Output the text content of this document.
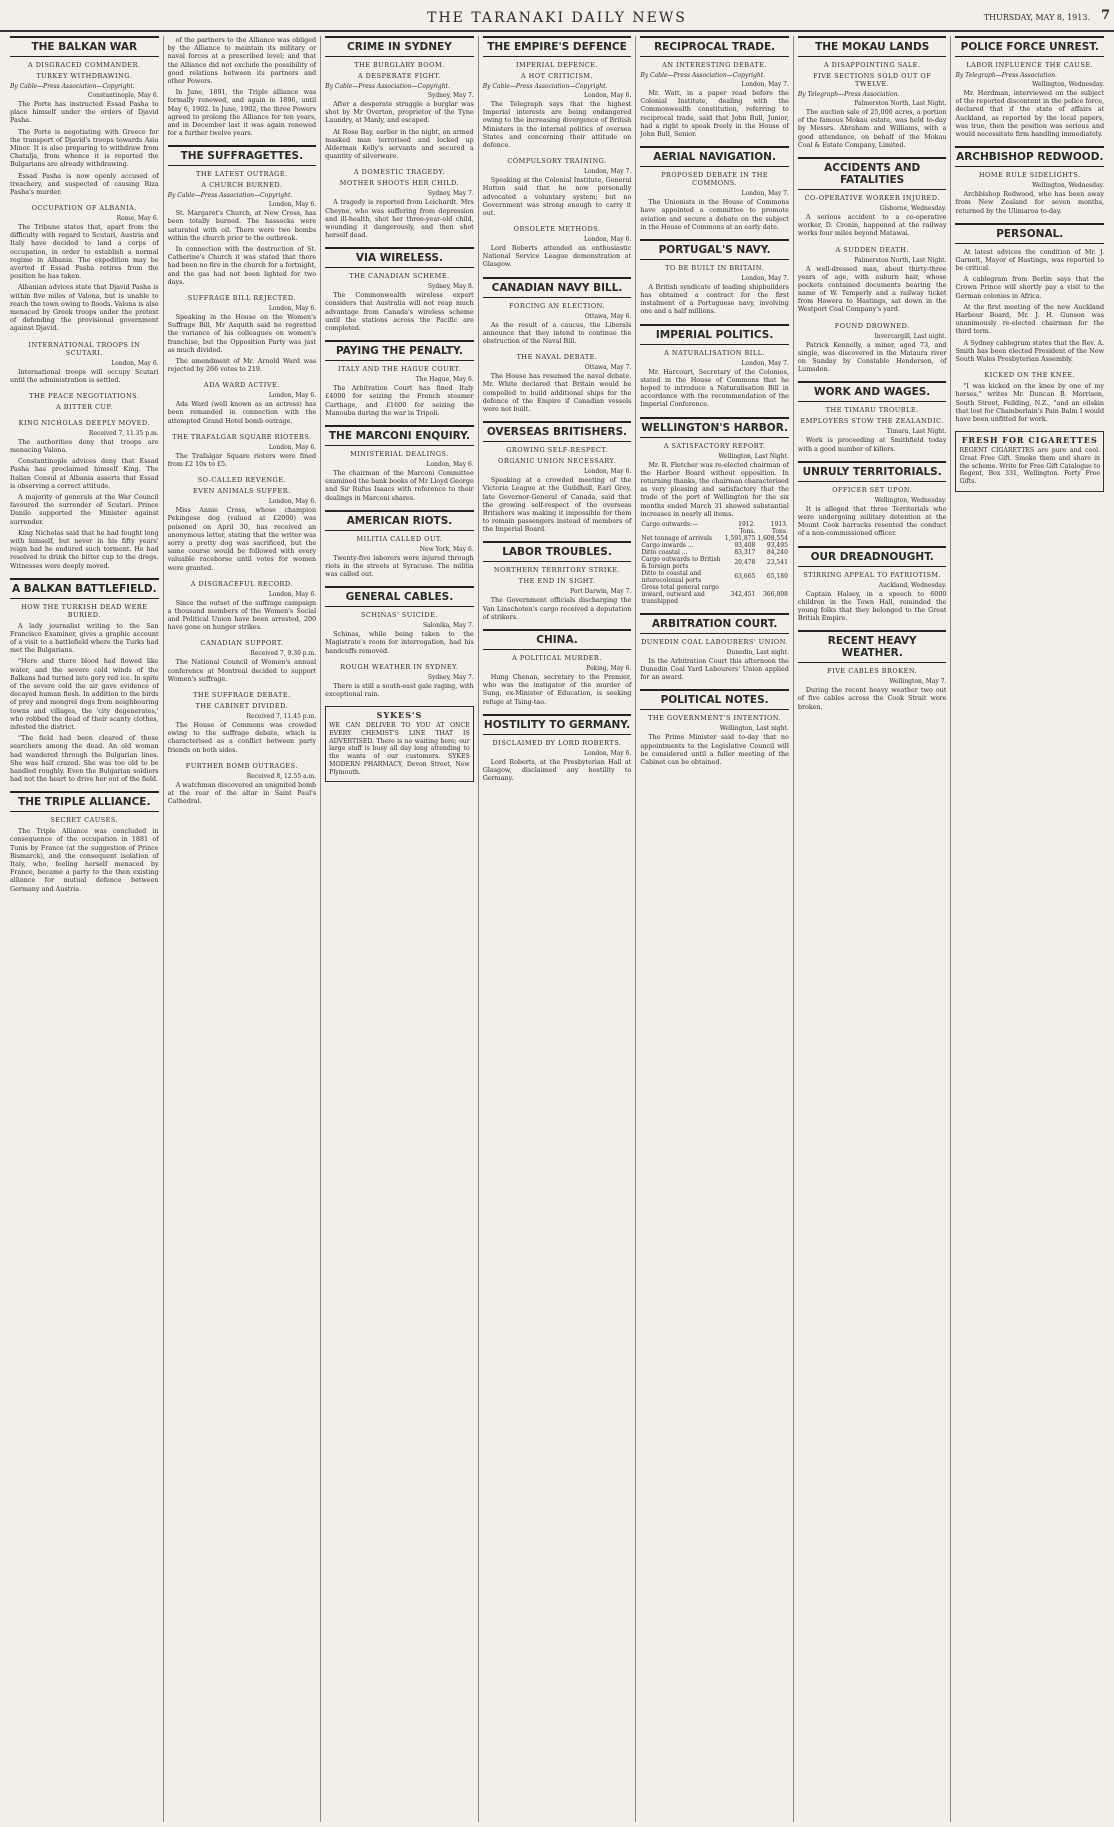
THE TARANAKI DAILY NEWS	THURSDAY, MAY 8, 1913. 7
THE BALKAN WAR
A DISGRACED COMMANDER.
TURKEY WITHDRAWING.
By Cable—Press Association—Copyright.
Constantinople, May 6.

The Porte has instructed Essad Pasha to place himself under the orders of Djavid Pasha.

The Porte is negotiating with Greece for the transport of Djavid's troops towards Asia Minor. It is also preparing to withdraw from Chatalja, from whence it is reported the Bulgarians are already withdrawing.

Essad Pasha is now openly accused of treachery, and suspected of causing Riza Pasha's murder.

OCCUPATION OF ALBANIA.
Rome, May 6.

The Tribune states that, apart from the difficulty with regard to Scutari, Austria and Italy have decided to land a corps of occupation, in order to establish a normal regime in Albania. The expedition may be averted if Essad Pasha retires from the position he has taken.

Albanian advices state that Djavid Pasha is within five miles of Valona, but is unable to reach the town owing to floods. Valona is also menaced by Greek troops under the pretext of defending the provisional government against Djavid.

INTERNATIONAL TROOPS IN SCUTARI.
London, May 6.

International troops will occupy Scutari until the administration is settled.

THE PEACE NEGOTIATIONS.
A BITTER CUP.
KING NICHOLAS DEEPLY MOVED.
Received 7, 11.35 p.m.

The authorities deny that troops are menacing Valona.

Constantinople advices deny that Essad Pasha has proclaimed himself King. The Italian Consul at Albania asserts that Essad is observing a correct attitude.

A majority of generals at the War Council favoured the surrender of Scutari. Prince Danilo supported the Minister against surrender.

King Nicholas said that he had fought long with himself, but never in his fifty years' reign had he endured such torment. He had resolved to drink the bitter cup to the dregs. Witnesses were deeply moved.

A BALKAN BATTLEFIELD.
HOW THE TURKISH DEAD WERE BURIED.

A lady journalist writing to the San Francisco Examiner, gives a graphic account of a visit to a battlefield where the Turks had met the Bulgarians.

"Here and there blood had flowed like water, and the severe cold winds of the Balkans had turned into gory red ice. In spite of the severe cold the air gave evidence of decayed human flesh. In addition to the birds of prey and mongrel dogs from neighbouring towns and villages, the 'city degenerates,' who robbed the dead of their scanty clothes, infested the district.

"The field had been cleared of these searchers among the dead. An old woman had wandered through the Bulgarian lines. She was half crazed. She was too old to be handled roughly. Even the Bulgarian soldiers had not the heart to drive her out of the field.

THE TRIPLE ALLIANCE.
SECRET CAUSES.

The Triple Alliance was concluded in consequence of the occupation in 1881 of Tunis by France (at the suggestion of Prince Bismarck), and the consequent isolation of Italy, who, feeling herself menaced by France, became a party to the then existing alliance for mutual defence between Germany and Austria.

of the partners to the Alliance was obliged by the Alliance to maintain its military or naval forces at a prescribed level; and that the Alliance did not exclude the possibility of good relations between its partners and other Powers.

In June, 1891, the Triple alliance was formally renewed, and again in 1896, until May 6, 1902. In June, 1902, the three Powers agreed to prolong the Alliance for ten years, and in December last it was again renewed for a further twelve years.

THE SUFFRAGETTES.
THE LATEST OUTRAGE.
A CHURCH BURNED.
By Cable—Press Association—Copyright.
London, May 6.

St. Margaret's Church, at New Cross, has been totally burned. The hassocks were saturated with oil. There were two bombs within the church prior to the outbreak.

In connection with the destruction of St. Catherine's Church it was stated that there had been no fire in the church for a fortnight, and the gas had not been lighted for two days.

SUFFRAGE BILL REJECTED.
London, May 6.

Speaking in the House on the Women's Suffrage Bill, Mr Asquith said he regretted the variance of his colleagues on women's franchise, but the Opposition Party was just as much divided.

The amendment of Mr. Arnold Ward was rejected by 266 votes to 219.

ADA WARD ACTIVE.
London, May 6.

Ada Ward (well known as an actress) has been remanded in connection with the attempted Grand Hotel bomb outrage.

THE TRAFALGAR SQUARE RIOTERS.
London, May 6.

The Trafalgar Square rioters were fined from £2 10s to £5.

SO-CALLED REVENGE.
EVEN ANIMALS SUFFER.
London, May 6.

Miss Annie Cross, whose champion Pekingese dog (valued at £2000) was poisoned on April 30, has received an anonymous letter, stating that the writer was sorry a pretty dog was sacrificed, but the same course would be followed with every valuable racehorse until votes for women were granted.

A DISGRACEFUL RECORD.
London, May 6.

Since the outset of the suffrage campaign a thousand members of the Women's Social and Political Union have been arrested, 200 have gone on hunger strikes.

CANADIAN SUPPORT.
Received 7, 9.30 p.m.

The National Council of Women's annual conference at Montreal decided to support Women's suffrage.

THE SUFFRAGE DEBATE.
THE CABINET DIVIDED.
Received 7, 11.45 p.m.

The House of Commons was crowded owing to the suffrage debate, which is characterised as a conflict between party friends on both sides.

FURTHER BOMB OUTRAGES.
Received 8, 12.55 a.m.

A watchman discovered an unignited bomb at the rear of the altar in Saint Paul's Cathedral.

CRIME IN SYDNEY
THE BURGLARY BOOM.
A DESPERATE FIGHT.
By Cable—Press Association—Copyright.
Sydney, May 7.

After a desperate struggle a burglar was shot by Mr Overton, proprietor of the Tyne Laundry, at Manly, and escaped.

At Rose Bay, earlier in the night, an armed masked man terrorised and locked up Alderman Kelly's servants and secured a quantity of silverware.

A DOMESTIC TRAGEDY.
MOTHER SHOOTS HER CHILD.
Sydney, May 7.

A tragedy is reported from Leichardt. Mrs Cheyne, who was suffering from depression and ill-health, shot her three-year-old child, wounding it dangerously, and then shot herself dead.

VIA WIRELESS.
THE CANADIAN SCHEME.
Sydney, May 8.

The Commonwealth wireless expert considers that Australia will not reap much advantage from Canada's wireless scheme until the stations across the Pacific are completed.

PAYING THE PENALTY.
ITALY AND THE HAGUE COURT.
The Hague, May 6.

The Arbitration Court has fined Italy £4000 for seizing the French steamer Carthage, and £1600 for seizing the Manouba during the war in Tripoli.

THE MARCONI ENQUIRY.
MINISTERIAL DEALINGS.
London, May 6.

The chairman of the Marconi Committee examined the bank books of Mr Lloyd George and Sir Rufus Isaacs with reference to their dealings in Marconi shares.

AMERICAN RIOTS.
MILITIA CALLED OUT.
New York, May 6.

Twenty-five laborers were injured through riots in the streets at Syracuse. The militia was called out.

GENERAL CABLES.
SCHINAS' SUICIDE.
Salonika, May 7.

Schinas, while being taken to the Magistrate's room for interrogation, had his handcuffs removed.

ROUGH WEATHER IN SYDNEY.
Sydney, May 7.

There is still a south-east gale raging, with exceptional rain.

SYKES'S

WE CAN DELIVER TO YOU AT ONCE EVERY CHEMIST'S LINE THAT IS ADVERTISED. There is no waiting here; our large staff is busy all day long attending to the wants of our customers. SYKES MODERN PHARMACY, Devon Street, New Plymouth.

THE EMPIRE'S DEFENCE
IMPERIAL DEFENCE.
A HOT CRITICISM.
By Cable—Press Association—Copyright.
London, May 6.

The Telegraph says that the highest Imperial interests are being endangered owing to the increasing divergence of British Ministers in the internal politics of oversea States and concerning their attitude on defence.

COMPULSORY TRAINING.
London, May 7.

Speaking at the Colonial Institute, General Hutton said that he now personally advocated a voluntary system; but no Government was strong enough to carry it out.

OBSOLETE METHODS.
London, May 6.

Lord Roberts attended an enthusiastic National Service League demonstration at Glasgow.

CANADIAN NAVY BILL.
FORCING AN ELECTION.
Ottawa, May 6.

As the result of a caucus, the Liberals announce that they intend to continue the obstruction of the Naval Bill.

THE NAVAL DEBATE.
Ottawa, May 7.

The House has resumed the naval debate. Mr. White declared that Britain would be compelled to build additional ships for the defence of the Empire if Canadian vessels were not built.

OVERSEAS BRITISHERS.
GROWING SELF-RESPECT.
ORGANIC UNION NECESSARY.
London, May 6.

Speaking at a crowded meeting of the Victoria League at the Guildhall, Earl Grey, late Governor-General of Canada, said that the growing self-respect of the overseas Britishers was making it impossible for them to remain passengers instead of members of the Imperial Board.

LABOR TROUBLES.
NORTHERN TERRITORY STRIKE.
THE END IN SIGHT.
Port Darwin, May 7.

The Government officials discharging the Van Linschoten's cargo received a deputation of strikers.

CHINA.
A POLITICAL MURDER.
Peking, May 6.

Hung Chenan, secretary to the Premier, who was the instigator of the murder of Sung, ex-Minister of Education, is seeking refuge at Tsing-tao.

HOSTILITY TO GERMANY.
DISCLAIMED BY LORD ROBERTS.
London, May 6.

Lord Roberts, at the Presbyterian Hall at Glasgow, disclaimed any hostility to Germany.

RECIPROCAL TRADE.
AN INTERESTING DEBATE.
By Cable—Press Association—Copyright.
London, May 7.

Mr. Watt, in a paper read before the Colonial Institute, dealing with the Commonwealth constitution, referring to reciprocal trade, said that John Bull, Junior, had a right to speak freely in the House of John Bull, Senior.

AERIAL NAVIGATION.
PROPOSED DEBATE IN THE COMMONS.
London, May 7.

The Unionists in the House of Commons have appointed a committee to promote aviation and secure a debate on the subject in the House of Commons at an early date.

PORTUGAL'S NAVY.
TO BE BUILT IN BRITAIN.
London, May 7.

A British syndicate of leading shipbuilders has obtained a contract for the first instalment of a Portuguese navy, involving one and a half millions.

IMPERIAL POLITICS.
A NATURALISATION BILL.
London, May 7.

Mr. Harcourt, Secretary of the Colonies, stated in the House of Commons that he hoped to introduce a Naturalisation Bill in accordance with the recommendation of the Imperial Conference.

WELLINGTON'S HARBOR.
A SATISFACTORY REPORT.
Wellington, Last Night.

Mr. R. Fletcher was re-elected chairman of the Harbor Board without opposition. In returning thanks, the chairman characterised as very pleasing and satisfactory that the trade of the port of Wellington for the six months ended March 31 showed substantial increases in nearly all items.

Cargo outwards:—	1912.	1913.
	Tons.	Tons.
Net tonnage of arrivals	1,591,875	1,608,554
Cargo inwards ...	93,408	93,495
Ditto coastal ...	83,317	84,240
Cargo outwards to British & foreign ports	20,478	23,541
Ditto to coastal and interocolonial ports	63,665	65,180
Gross total general cargo inward, outward and transhipped	342,451	366,808
ARBITRATION COURT.
DUNEDIN COAL LABOURERS' UNION.
Dunedin, Last night.

In the Arbitration Court this afternoon the Dunedin Coal Yard Labourers' Union applied for an award.

POLITICAL NOTES.
THE GOVERNMENT'S INTENTION.
Wellington, Last night.

The Prime Minister said to-day that no appointments to the Legislative Council will be considered until a fuller meeting of the Cabinet can be obtained.

THE MOKAU LANDS
A DISAPPOINTING SALE.
FIVE SECTIONS SOLD OUT OF TWELVE.
By Telegraph—Press Association.
Palmerston North, Last Night.

The auction sale of 25,000 acres, a portion of the famous Mokau estate, was held to-day by Messrs. Abraham and Williams, with a good attendance, on behalf of the Mokau Coal & Estate Company, Limited.

ACCIDENTS AND FATALITIES
CO-OPERATIVE WORKER INJURED.
Gisborne, Wednesday.

A serious accident to a co-operative worker, D. Cronin, happened at the railway works four miles beyond Matawai.

A SUDDEN DEATH.
Palmerston North, Last Night.

A well-dressed man, about thirty-three years of age, with auburn hair, whose pockets contained documents bearing the name of W. Temperly and a railway ticket from Hawera to Hastings, sat down in the Westport Coal Company's yard.

FOUND DROWNED.
Invercargill, Last night.

Patrick Kennelly, a miner, aged 73, and single, was discovered in the Mataura river on Sunday by Constable Henderson, of Lumsden.

WORK AND WAGES.
THE TIMARU TROUBLE.
EMPLOYERS STOW THE ZEALANDIC.
Timaru, Last Night.

Work is proceeding at Smithfield today with a good number of killers.

UNRULY TERRITORIALS.
OFFICER SET UPON.
Wellington, Wednesday.

It is alleged that three Territorials who were undergoing military detention at the Mount Cook barracks resented the conduct of a non-commissioned officer.

OUR DREADNOUGHT.
STIRRING APPEAL TO PATRIOTISM.
Auckland, Wednesday.

Captain Halsey, in a speech to 6000 children in the Town Hall, reminded the young folks that they belonged to the Great British Empire.

RECENT HEAVY WEATHER.
FIVE CABLES BROKEN.
Wellington, May 7.

During the recent heavy weather two out of five cables across the Cook Strait were broken.

POLICE FORCE UNREST.
LABOR INFLUENCE THE CAUSE.
By Telegraph—Press Association.
Wellington, Wednesday.

Mr. Herdman, interviewed on the subject of the reported discontent in the police force, declared that if the state of affairs at Auckland, as reported by the local papers, was true, then the position was serious and would necessitate firm handling immediately.

ARCHBISHOP REDWOOD.
HOME RULE SIDELIGHTS.
Wellington, Wednesday.

Archbishop Redwood, who has been away from New Zealand for seven months, returned by the Ulimaroa to-day.

PERSONAL.

At latest advices the condition of Mr. J. Garnett, Mayor of Hastings, was reported to be critical.

A cablegram from Berlin says that the Crown Prince will shortly pay a visit to the German colonies in Africa.

At the first meeting of the new Auckland Harbour Board, Mr. J. H. Gunson was unanimously re-elected chairman for the third term.

A Sydney cablegram states that the Rev. A. Smith has been elected President of the New South Wales Presbyterian Assembly.

KICKED ON THE KNEE.

"I was kicked on the knee by one of my horses," writes Mr. Duncan B. Morrison, South Street, Feilding, N.Z., "and an oilskin that lost for Chamberlain's Pain Balm I would have been unfitted for work.

FRESH FOR CIGARETTES

REGENT CIGARETTES are pure and cool. Great Free Gift. Smoke them and share in the scheme. Write for Free Gift Catalogue to Regent, Box 331, Wellington. Forty Free Gifts.
